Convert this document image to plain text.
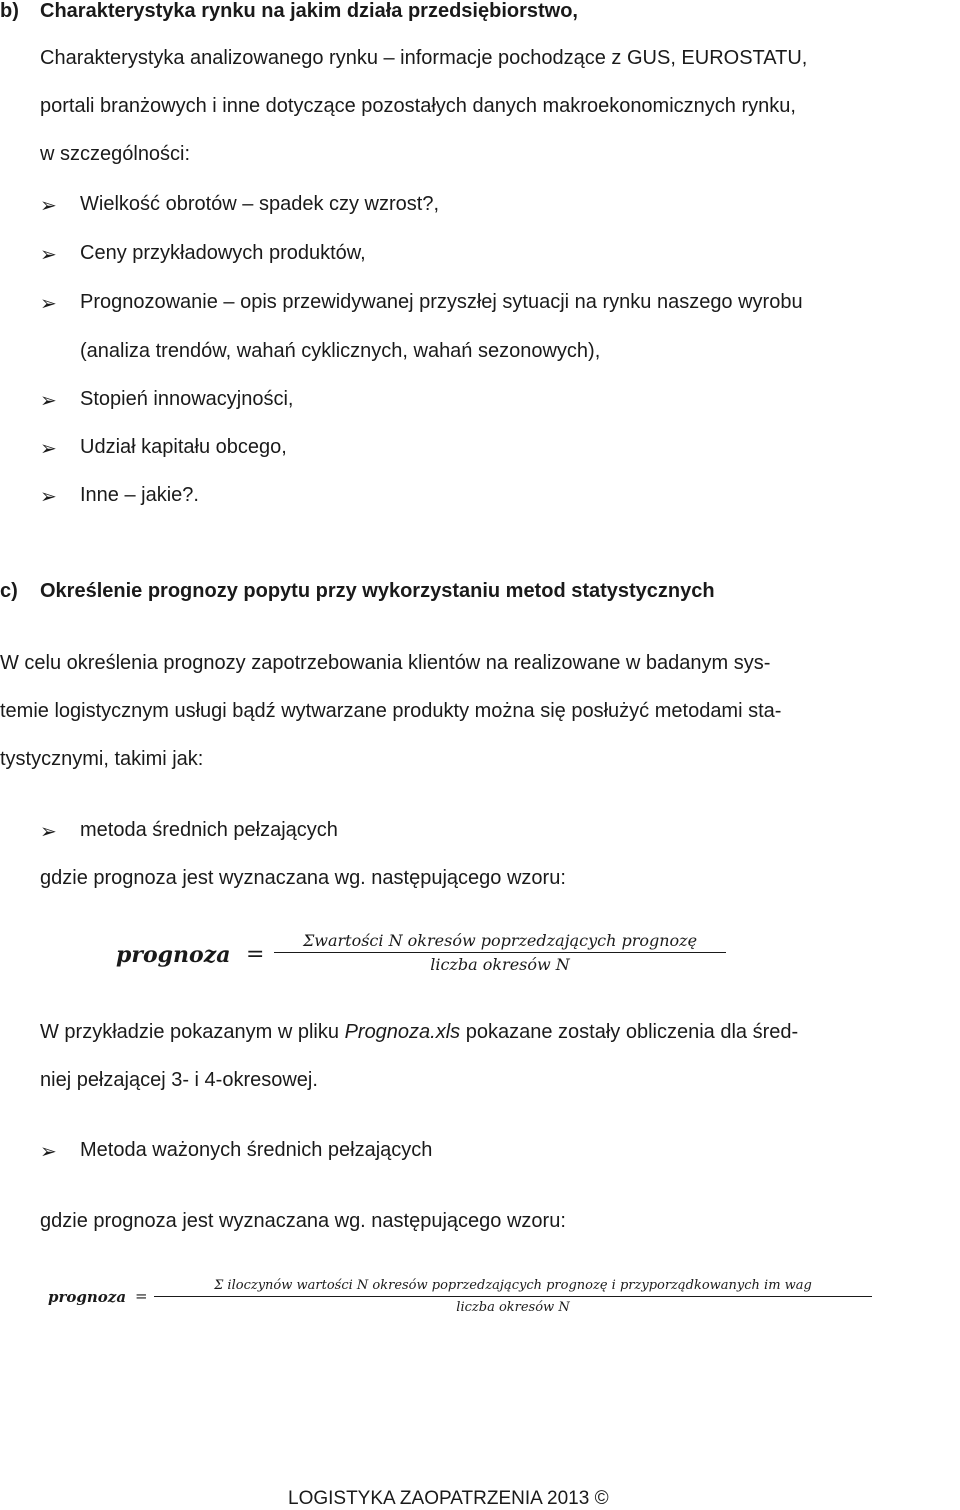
b) Charakterystyka rynku na jakim działa przedsiębiorstwo,
Charakterystyka analizowanego rynku – informacje pochodzące z GUS, EUROSTATU,
portali branżowych i inne dotyczące pozostałych danych makroekonomicznych rynku,
w szczególności:
➢ Wielkość obrotów – spadek czy wzrost?,
➢ Ceny przykładowych produktów,
➢ Prognozowanie – opis przewidywanej przyszłej sytuacji na rynku naszego wyrobu
(analiza trendów, wahań cyklicznych, wahań sezonowych),
➢ Stopień innowacyjności,
➢ Udział kapitału obcego,
➢ Inne – jakie?.
c) Określenie prognozy popytu przy wykorzystaniu metod statystycznych
W celu określenia prognozy zapotrzebowania klientów na realizowane w badanym sys-
temie logistycznym usługi bądź wytwarzane produkty można się posłużyć metodami sta-
tystycznymi, takimi jak:
➢ metoda średnich pełzających
gdzie prognoza jest wyznaczana wg. następującego wzoru:
prognoza =
Σwartości N okresów poprzedzających prognozę
liczba okresów N
W przykładzie pokazanym w pliku Prognoza.xls pokazane zostały obliczenia dla śred-
niej pełzającej 3- i 4-okresowej.
➢ Metoda ważonych średnich pełzających
gdzie prognoza jest wyznaczana wg. następującego wzoru:
prognoza =
Σ iloczynów wartości N okresów poprzedzających prognozę i przyporządkowanych im wag
liczba okresów N
LOGISTYKA ZAOPATRZENIA 2013 ©
